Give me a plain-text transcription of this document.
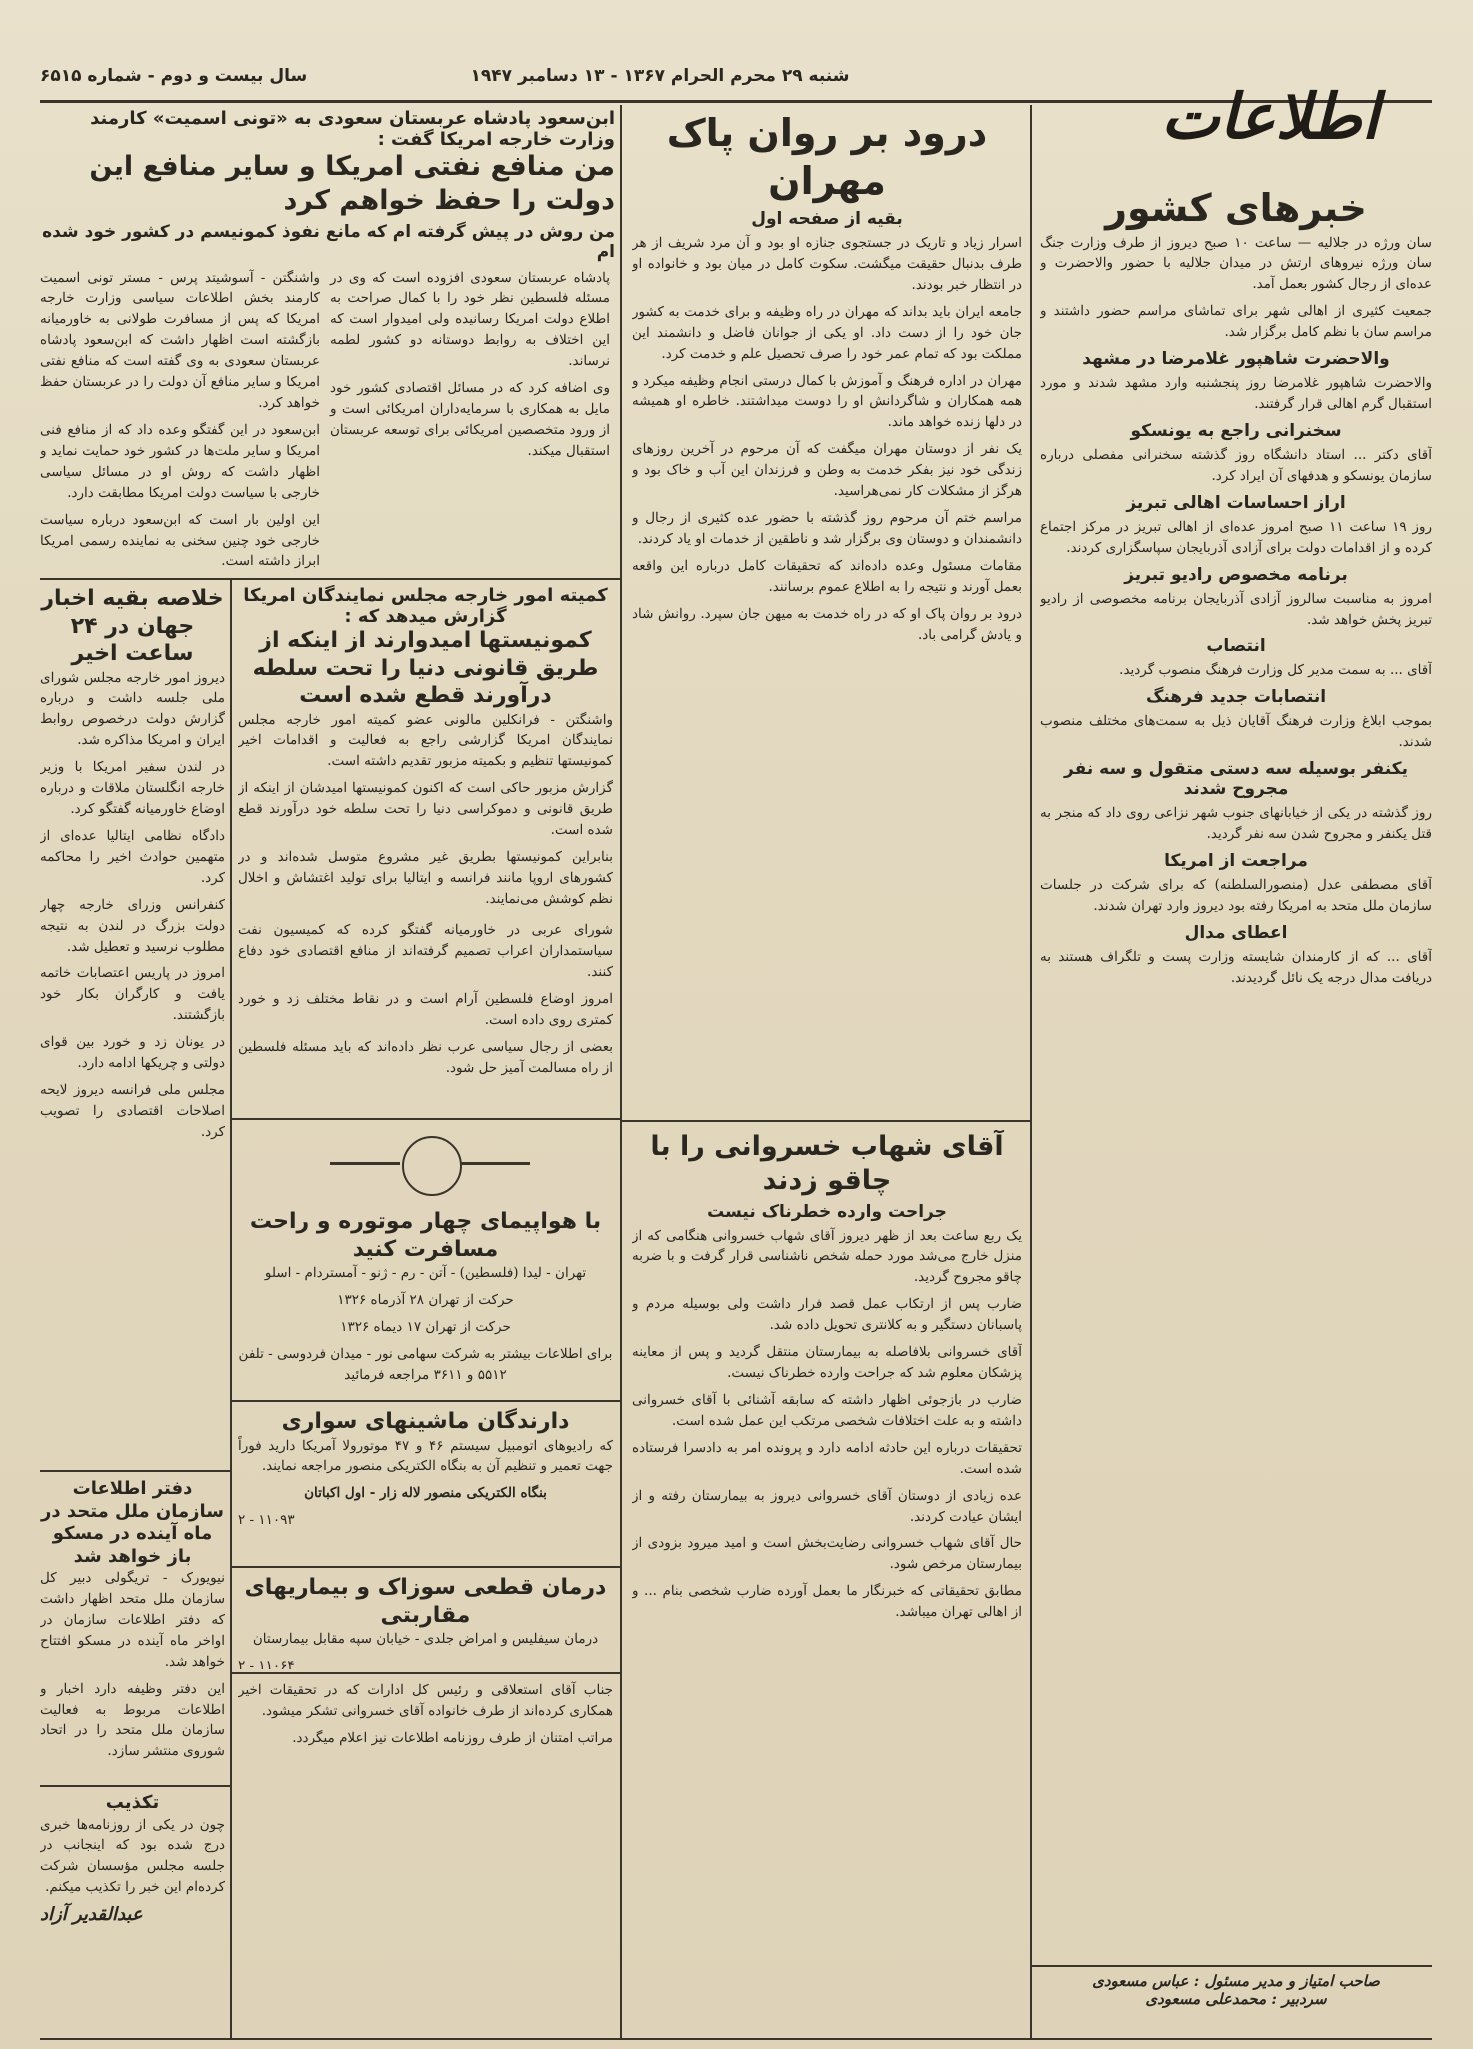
شنبه ۲۹ محرم الحرام ۱۳۶۷ - ۱۳ دسامبر ۱۹۴۷
سال بیست و دوم - شماره ۶۵۱۵
اطلاعات
درود بر روان پاک مهران
بقیه از صفحه اول

اسرار زیاد و تاریک در جستجوی جنازه او بود و آن مرد شریف از هر طرف بدنبال حقیقت میگشت. سکوت کامل در میان بود و خانواده او در انتظار خبر بودند.

جامعه ایران باید بداند که مهران در راه وظیفه و برای خدمت به کشور جان خود را از دست داد. او یکی از جوانان فاضل و دانشمند این مملکت بود که تمام عمر خود را صرف تحصیل علم و خدمت کرد.

مهران در اداره فرهنگ و آموزش با کمال درستی انجام وظیفه میکرد و همه همکاران و شاگردانش او را دوست میداشتند. خاطره او همیشه در دلها زنده خواهد ماند.

یک نفر از دوستان مهران میگفت که آن مرحوم در آخرین روزهای زندگی خود نیز بفکر خدمت به وطن و فرزندان این آب و خاک بود و هرگز از مشکلات کار نمی‌هراسید.

مراسم ختم آن مرحوم روز گذشته با حضور عده کثیری از رجال و دانشمندان و دوستان وی برگزار شد و ناطقین از خدمات او یاد کردند.

مقامات مسئول وعده داده‌اند که تحقیقات کامل درباره این واقعه بعمل آورند و نتیجه را به اطلاع عموم برسانند.

درود بر روان پاک او که در راه خدمت به میهن جان سپرد. روانش شاد و یادش گرامی باد.

آقای شهاب خسروانی را با چاقو زدند
جراحت وارده خطرناک نیست

یک ربع ساعت بعد از ظهر دیروز آقای شهاب خسروانی هنگامی که از منزل خارج می‌شد مورد حمله شخص ناشناسی قرار گرفت و با ضربه چاقو مجروح گردید.

ضارب پس از ارتکاب عمل قصد فرار داشت ولی بوسیله مردم و پاسبانان دستگیر و به کلانتری تحویل داده شد.

آقای خسروانی بلافاصله به بیمارستان منتقل گردید و پس از معاینه پزشکان معلوم شد که جراحت وارده خطرناک نیست.

ضارب در بازجوئی اظهار داشته که سابقه آشنائی با آقای خسروانی داشته و به علت اختلافات شخصی مرتکب این عمل شده است.

تحقیقات درباره این حادثه ادامه دارد و پرونده امر به دادسرا فرستاده شده است.

عده زیادی از دوستان آقای خسروانی دیروز به بیمارستان رفته و از ایشان عیادت کردند.

حال آقای شهاب خسروانی رضایت‌بخش است و امید میرود بزودی از بیمارستان مرخص شود.

مطابق تحقیقاتی که خبرنگار ما بعمل آورده ضارب شخصی بنام ... و از اهالی تهران میباشد.

ابن‌سعود پادشاه عربستان سعودی به «تونی اسمیت» کارمند وزارت خارجه امریکا گفت :
من منافع نفتی امریکا و سایر منافع این دولت را حفظ خواهم کرد
من روش در پیش گرفته ام که مانع نفوذ کمونیسم در کشور خود شده ام

واشنگتن - آسوشیتد پرس - مستر تونی اسمیت کارمند بخش اطلاعات سیاسی وزارت خارجه امریکا که پس از مسافرت طولانی به خاورمیانه بازگشته است اظهار داشت که ابن‌سعود پادشاه عربستان سعودی به وی گفته است که منافع نفتی امریکا و سایر منافع آن دولت را در عربستان حفظ خواهد کرد.

ابن‌سعود در این گفتگو وعده داد که از منافع فنی امریکا و سایر ملت‌ها در کشور خود حمایت نماید و اظهار داشت که روش او در مسائل سیاسی خارجی با سیاست دولت امریکا مطابقت دارد.

این اولین بار است که ابن‌سعود درباره سیاست خارجی خود چنین سخنی به نماینده رسمی امریکا ابراز داشته است.

پادشاه عربستان سعودی افزوده است که وی در مسئله فلسطین نظر خود را با کمال صراحت به اطلاع دولت امریکا رسانیده ولی امیدوار است که این اختلاف به روابط دوستانه دو کشور لطمه نرساند.

وی اضافه کرد که در مسائل اقتصادی کشور خود مایل به همکاری با سرمایه‌داران امریکائی است و از ورود متخصصین امریکائی برای توسعه عربستان استقبال میکند.

خلاصه بقیه اخبار جهان در ۲۴ ساعت اخیر

دیروز امور خارجه مجلس شورای ملی جلسه داشت و درباره گزارش دولت درخصوص روابط ایران و امریکا مذاکره شد.

در لندن سفیر امریکا با وزیر خارجه انگلستان ملاقات و درباره اوضاع خاورمیانه گفتگو کرد.

دادگاه نظامی ایتالیا عده‌ای از متهمین حوادث اخیر را محاکمه کرد.

کنفرانس وزرای خارجه چهار دولت بزرگ در لندن به نتیجه مطلوب نرسید و تعطیل شد.

امروز در پاریس اعتصابات خاتمه یافت و کارگران بکار خود بازگشتند.

در یونان زد و خورد بین قوای دولتی و چریکها ادامه دارد.

مجلس ملی فرانسه دیروز لایحه اصلاحات اقتصادی را تصویب کرد.

دفتر اطلاعات سازمان ملل متحد در ماه آینده در مسکو باز خواهد شد

نیویورک - تریگولی دبیر کل سازمان ملل متحد اظهار داشت که دفتر اطلاعات سازمان در اواخر ماه آینده در مسکو افتتاح خواهد شد.

این دفتر وظیفه دارد اخبار و اطلاعات مربوط به فعالیت سازمان ملل متحد را در اتحاد شوروی منتشر سازد.

تکذیب

چون در یکی از روزنامه‌ها خبری درج شده بود که اینجانب در جلسه مجلس مؤسسان شرکت کرده‌ام این خبر را تکذیب میکنم.

عبدالقدیر آزاد
کمیته امور خارجه مجلس نمایندگان امریکا گزارش میدهد که :
کمونیستها امیدوارند از اینکه از طریق قانونی دنیا را تحت سلطه درآورند قطع شده است

واشنگتن - فرانکلین مالونی عضو کمیته امور خارجه مجلس نمایندگان امریکا گزارشی راجع به فعالیت و اقدامات اخیر کمونیستها تنظیم و بکمیته مزبور تقدیم داشته است.

گزارش مزبور حاکی است که اکنون کمونیستها امیدشان از اینکه از طریق قانونی و دموکراسی دنیا را تحت سلطه خود درآورند قطع شده است.

بنابراین کمونیستها بطریق غیر مشروع متوسل شده‌اند و در کشورهای اروپا مانند فرانسه و ایتالیا برای تولید اغتشاش و اخلال نظم کوشش می‌نمایند.

شورای عربی در خاورمیانه گفتگو کرده که کمیسیون نفت سیاستمداران اعراب تصمیم گرفته‌اند از منافع اقتصادی خود دفاع کنند.

امروز اوضاع فلسطین آرام است و در نقاط مختلف زد و خورد کمتری روی داده است.

بعضی از رجال سیاسی عرب نظر داده‌اند که باید مسئله فلسطین از راه مسالمت آمیز حل شود.

با هواپیمای چهار موتوره و راحت مسافرت کنید

تهران - لیدا (فلسطین) - آتن - رم - ژنو - آمستردام - اسلو

حرکت از تهران ۲۸ آذرماه ۱۳۲۶

حرکت از تهران ۱۷ دیماه ۱۳۲۶

برای اطلاعات بیشتر به شرکت سهامی نور - میدان فردوسی - تلفن ۵۵۱۲ و ۳۶۱۱ مراجعه فرمائید

دارندگان ماشینهای سواری

که رادیوهای اتومبیل سیستم ۴۶ و ۴۷ موتورولا آمریکا دارید فوراً جهت تعمیر و تنظیم آن به بنگاه الکتریکی منصور مراجعه نمایند.

بنگاه الکتریکی منصور لاله زار - اول اکباتان

۱۱۰۹۳ - ۲

درمان قطعی سوزاک و بیماریهای مقاربتی

درمان سیفلیس و امراض جلدی - خیابان سپه مقابل بیمارستان

۱۱۰۶۴ - ۲

جناب آقای استعلاقی و رئیس کل ادارات که در تحقیقات اخیر همکاری کرده‌اند از طرف خانواده آقای خسروانی تشکر میشود.

مراتب امتنان از طرف روزنامه اطلاعات نیز اعلام میگردد.

خبرهای کشور

سان ورژه در جلالیه — ساعت ۱۰ صبح دیروز از طرف وزارت جنگ سان ورژه نیروهای ارتش در میدان جلالیه با حضور والاحضرت و عده‌ای از رجال کشور بعمل آمد.

جمعیت کثیری از اهالی شهر برای تماشای مراسم حضور داشتند و مراسم سان با نظم کامل برگزار شد.

والاحضرت شاهپور غلامرضا در مشهد

والاحضرت شاهپور غلامرضا روز پنجشنبه وارد مشهد شدند و مورد استقبال گرم اهالی قرار گرفتند.

سخنرانی راجع به یونسکو

آقای دکتر ... استاد دانشگاه روز گذشته سخنرانی مفصلی درباره سازمان یونسکو و هدفهای آن ایراد کرد.

اراز احساسات اهالی تبریز

روز ۱۹ ساعت ۱۱ صبح امروز عده‌ای از اهالی تبریز در مرکز اجتماع کرده و از اقدامات دولت برای آزادی آذربایجان سپاسگزاری کردند.

برنامه مخصوص رادیو تبریز

امروز به مناسبت سالروز آزادی آذربایجان برنامه مخصوصی از رادیو تبریز پخش خواهد شد.

انتصاب

آقای ... به سمت مدیر کل وزارت فرهنگ منصوب گردید.

انتصابات جدید فرهنگ

بموجب ابلاغ وزارت فرهنگ آقایان ذیل به سمت‌های مختلف منصوب شدند.

یکنفر بوسیله سه دستی متقول و سه نفر مجروح شدند

روز گذشته در یکی از خیابانهای جنوب شهر نزاعی روی داد که منجر به قتل یکنفر و مجروح شدن سه نفر گردید.

مراجعت از امریکا

آقای مصطفی عدل (منصورالسلطنه) که برای شرکت در جلسات سازمان ملل متحد به امریکا رفته بود دیروز وارد تهران شدند.

اعطای مدال

آقای ... که از کارمندان شایسته وزارت پست و تلگراف هستند به دریافت مدال درجه یک نائل گردیدند.

صاحب امتیاز و مدیر مسئول : عباس مسعودی
سردبیر : محمدعلی مسعودی
